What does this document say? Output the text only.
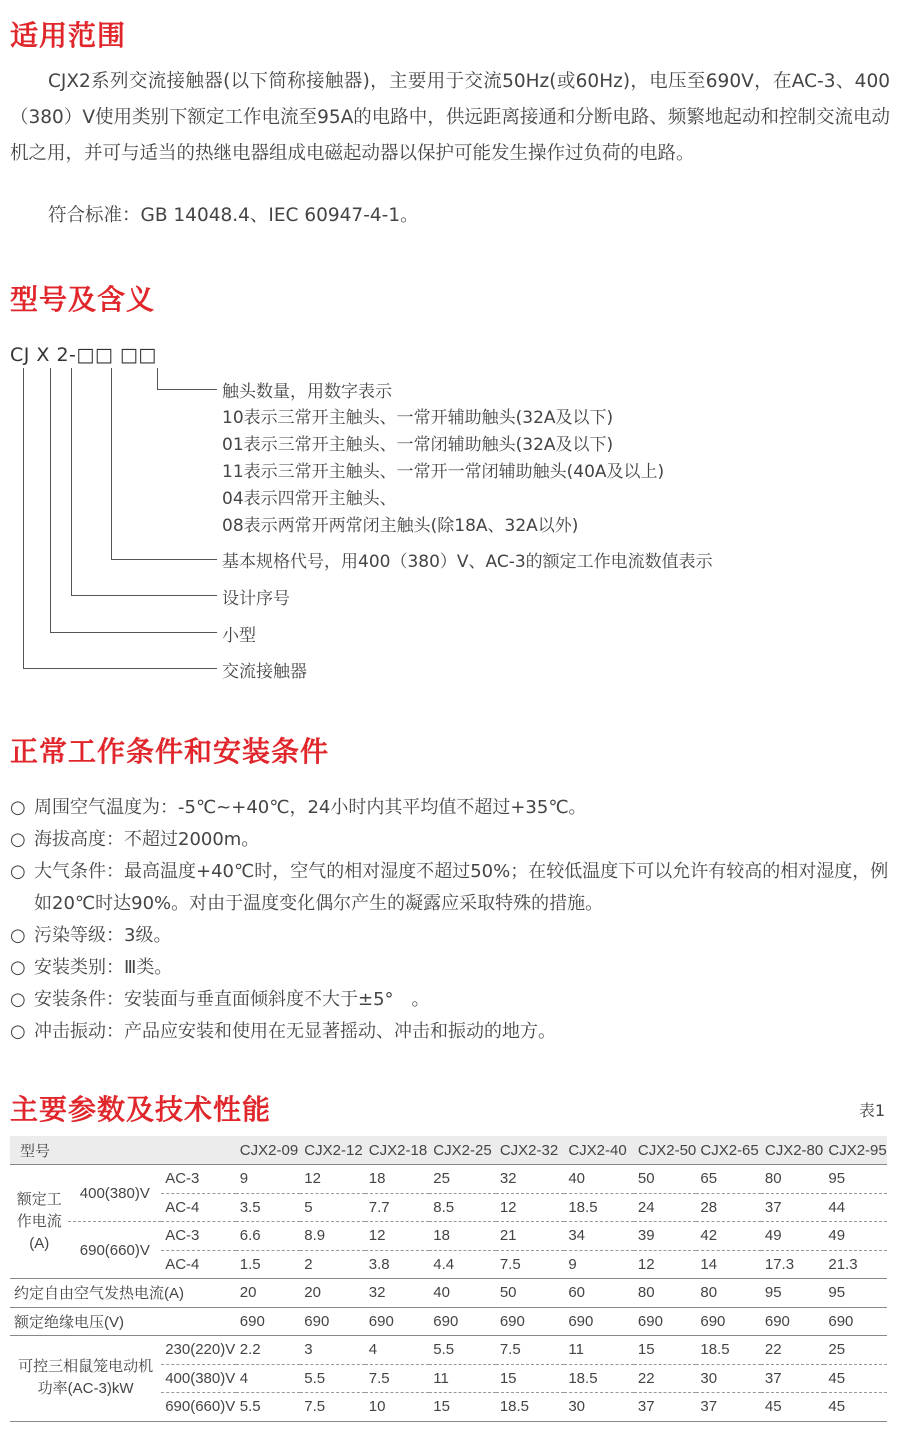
适用范围

CJX2系列交流接触器(以下简称接触器)，主要用于交流50Hz(或60Hz)，电压至690V，在AC-3、400（380）V使用类别下额定工作电流至95A的电路中，供远距离接通和分断电路、频繁地起动和控制交流电动机之用，并可与适当的热继电器组成电磁起动器以保护可能发生操作过负荷的电路。

符合标准：GB 14048.4、IEC 60947-4-1。

型号及含义

CJ X 2-□□ □□

触头数量，用数字表示

10表示三常开主触头、一常开辅助触头(32A及以下)

01表示三常开主触头、一常闭辅助触头(32A及以下)

11表示三常开主触头、一常开一常闭辅助触头(40A及以上)

04表示四常开主触头、

08表示两常开两常闭主触头(除18A、32A以外)

基本规格代号，用400（380）V、AC-3的额定工作电流数值表示

设计序号

小型

交流接触器

正常工作条件和安装条件
○ 周围空气温度为：-5℃~+40℃，24小时内其平均值不超过+35℃。
○ 海拔高度：不超过2000m。
○ 大气条件：最高温度+40℃时，空气的相对湿度不超过50%；在较低温度下可以允许有较高的相对湿度，例如20℃时达90%。对由于温度变化偶尔产生的凝露应采取特殊的措施。
○ 污染等级：3级。
○ 安装类别：Ⅲ类。
○ 安装条件：安装面与垂直面倾斜度不大于±5°　。
○ 冲击振动：产品应安装和使用在无显著摇动、冲击和振动的地方。
主要参数及技术性能	表1

型号			CJX2-09	CJX2-12	CJX2-18	CJX2-25	CJX2-32	CJX2-40	CJX2-50	CJX2-65	CJX2-80	CJX2-95
额定工作电流(A)	400(380)V	AC-3	9	12	18	25	32	40	50	65	80	95
		AC-4	3.5	5	7.7	8.5	12	18.5	24	28	37	44
	690(660)V	AC-3	6.6	8.9	12	18	21	34	39	42	49	49
		AC-4	1.5	2	3.8	4.4	7.5	9	12	14	17.3	21.3
约定自由空气发热电流(A)			20	20	32	40	50	60	80	80	95	95
额定绝缘电压(V)			690	690	690	690	690	690	690	690	690	690
可控三相鼠笼电动机功率(AC-3)kW		230(220)V	2.2	3	4	5.5	7.5	11	15	18.5	22	25
		400(380)V	4	5.5	7.5	11	15	18.5	22	30	37	45
		690(660)V	5.5	7.5	10	15	18.5	30	37	37	45	45
